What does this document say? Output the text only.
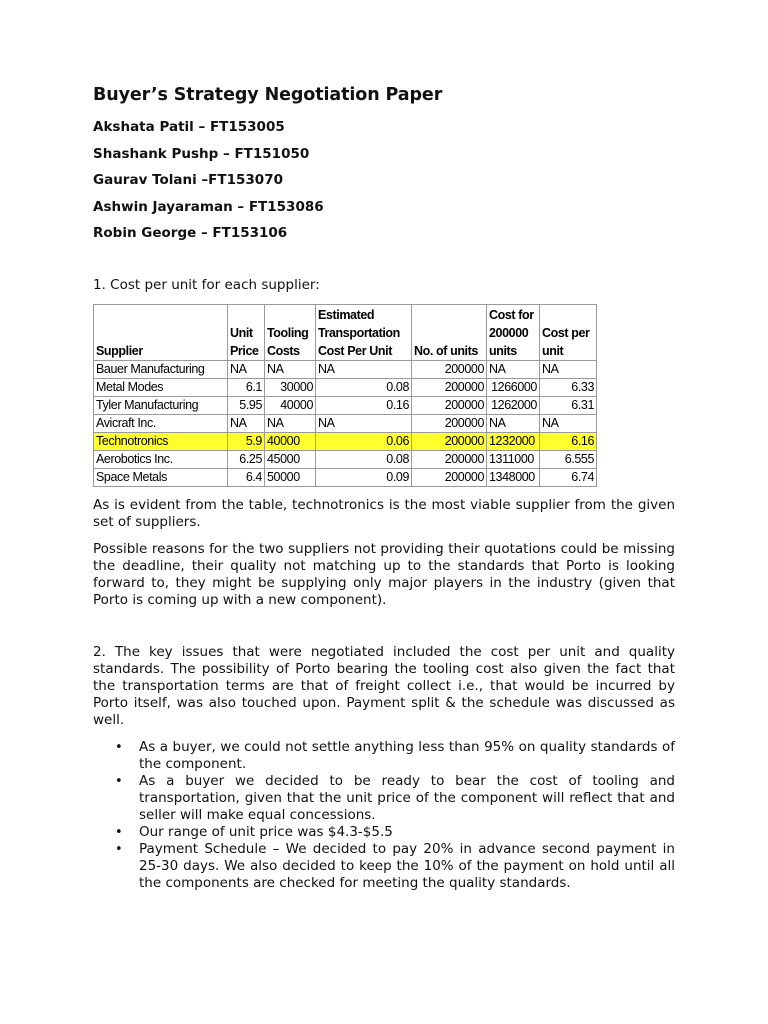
Buyer’s Strategy Negotiation Paper
Akshata Patil – FT153005
Shashank Pushp – FT151050
Gaurav Tolani –FT153070
Ashwin Jayaraman – FT153086
Robin George – FT153106

1. Cost per unit for each supplier:

Supplier	Unit Price	Tooling Costs	Estimated Transportation Cost Per Unit	No. of units	Cost for 200000 units	Cost per unit
Bauer Manufacturing	NA	NA	NA	200000	NA	NA
Metal Modes	6.1	30000	0.08	200000	1266000	6.33
Tyler Manufacturing	5.95	40000	0.16	200000	1262000	6.31
Avicraft Inc.	NA	NA	NA	200000	NA	NA
Technotronics	5.9	40000	0.06	200000	1232000	6.16
Aerobotics Inc.	6.25	45000	0.08	200000	1311000	6.555
Space Metals	6.4	50000	0.09	200000	1348000	6.74

As is evident from the table, technotronics is the most viable supplier from the given set of suppliers.

Possible reasons for the two suppliers not providing their quotations could be missing the deadline, their quality not matching up to the standards that Porto is looking forward to, they might be supplying only major players in the industry (given that Porto is coming up with a new component).

2. The key issues that were negotiated included the cost per unit and quality standards. The possibility of Porto bearing the tooling cost also given the fact that the transportation terms are that of freight collect i.e., that would be incurred by Porto itself, was also touched upon. Payment split & the schedule was discussed as well.

• As a buyer, we could not settle anything less than 95% on quality standards of the component.
• As a buyer we decided to be ready to bear the cost of tooling and transportation, given that the unit price of the component will reflect that and seller will make equal concessions.
• Our range of unit price was $4.3-$5.5
• Payment Schedule – We decided to pay 20% in advance second payment in 25-30 days. We also decided to keep the 10% of the payment on hold until all the components are checked for meeting the quality standards.
